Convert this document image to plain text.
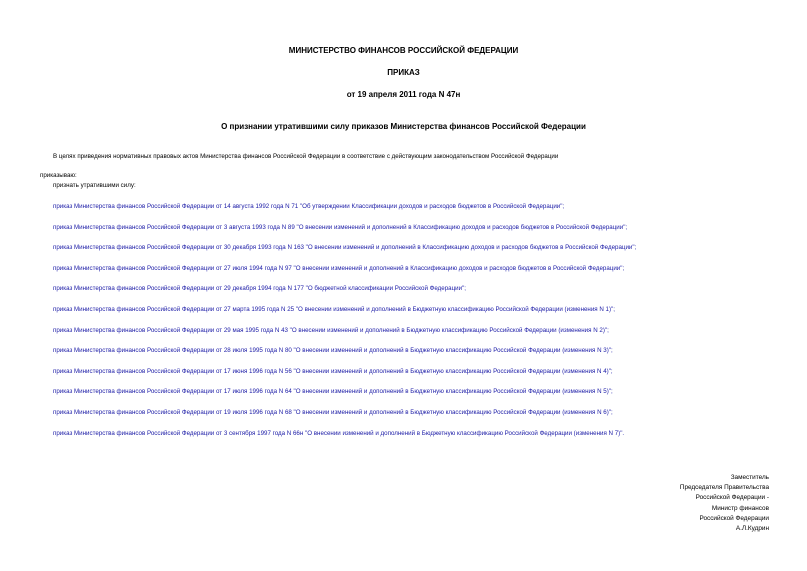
МИНИСТЕРСТВО ФИНАНСОВ РОССИЙСКОЙ ФЕДЕРАЦИИ
ПРИКАЗ
от 19 апреля 2011 года N 47н
О признании утратившими силу приказов Министерства финансов Российской Федерации
В целях приведения нормативных правовых актов Министерства финансов Российской Федерации в соответствие с действующим законодательством Российской Федерации
приказываю:
признать утратившими силу:
приказ Министерства финансов Российской Федерации от 14 августа 1992 года N 71 "Об утверждении Классификации доходов и расходов бюджетов в Российской Федерации";
приказ Министерства финансов Российской Федерации от 3 августа 1993 года N 89 "О внесении изменений и дополнений в Классификацию доходов и расходов бюджетов в Российской Федерации";
приказ Министерства финансов Российской Федерации от 30 декабря 1993 года N 163 "О внесении изменений и дополнений в Классификацию доходов и расходов бюджетов в Российской Федерации";
приказ Министерства финансов Российской Федерации от 27 июля 1994 года N 97 "О внесении изменений и дополнений в Классификацию доходов и расходов бюджетов в Российской Федерации";
приказ Министерства финансов Российской Федерации от 29 декабря 1994 года N 177 "О бюджетной классификации Российской Федерации";
приказ Министерства финансов Российской Федерации от 27 марта 1995 года N 25 "О внесении изменений и дополнений в Бюджетную классификацию Российской Федерации (изменения N 1)";
приказ Министерства финансов Российской Федерации от 29 мая 1995 года N 43 "О внесении изменений и дополнений в Бюджетную классификацию Российской Федерации (изменения N 2)";
приказ Министерства финансов Российской Федерации от 28 июля 1995 года N 80 "О внесении изменений и дополнений в Бюджетную классификацию Российской Федерации (изменения N 3)";
приказ Министерства финансов Российской Федерации от 17 июня 1996 года N 56 "О внесении изменений и дополнений в Бюджетную классификацию Российской Федерации (изменения N 4)";
приказ Министерства финансов Российской Федерации от 17 июля 1996 года N 64 "О внесении изменений и дополнений в Бюджетную классификацию Российской Федерации (изменения N 5)";
приказ Министерства финансов Российской Федерации от 19 июля 1996 года N 68 "О внесении изменений и дополнений в Бюджетную классификацию Российской Федерации (изменения N 6)";
приказ Министерства финансов Российской Федерации от 3 сентября 1997 года N 66н "О внесении изменений и дополнений в Бюджетную классификацию Российской Федерации (изменения N 7)".
Заместитель
Председателя Правительства
Российской Федерации -
Министр финансов
Российской Федерации
А.Л.Кудрин
